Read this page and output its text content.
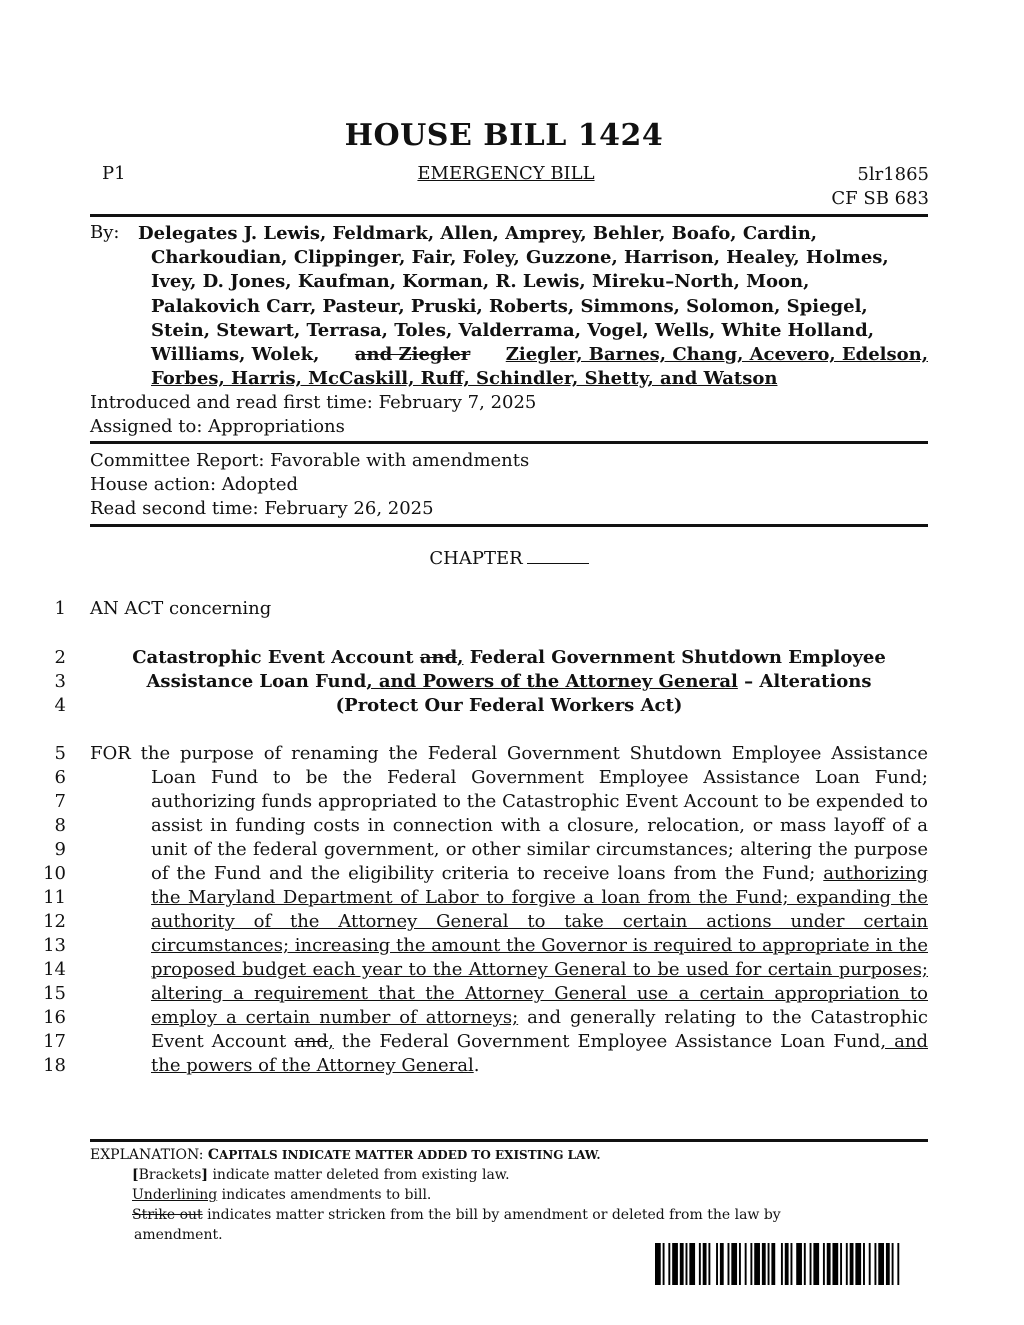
HOUSE BILL 1424
P1	EMERGENCY BILL	5lr1865
CF SB 683
By: Delegates J. Lewis, Feldmark, Allen, Amprey, Behler, Boafo, Cardin,
Charkoudian, Clippinger, Fair, Foley, Guzzone, Harrison, Healey, Holmes,
Ivey, D. Jones, Kaufman, Korman, R. Lewis, Mireku–North, Moon,
Palakovich Carr, Pasteur, Pruski, Roberts, Simmons, Solomon, Spiegel,
Stein, Stewart, Terrasa, Toles, Valderrama, Vogel, Wells, White Holland,
Williams, Wolek, and Ziegler Ziegler, Barnes, Chang, Acevero, Edelson,
Forbes, Harris, McCaskill, Ruff, Schindler, Shetty, and Watson
Introduced and read first time: February 7, 2025
Assigned to: Appropriations
Committee Report: Favorable with amendments
House action: Adopted
Read second time: February 26, 2025
CHAPTER
1
2
3
4
5
6
7
8
9
10
11
12
13
14
15
16
17
18
AN ACT concerning
Catastrophic Event Account and, Federal Government Shutdown Employee
Assistance Loan Fund, and Powers of the Attorney General – Alterations
(Protect Our Federal Workers Act)
FOR the purpose of renaming the Federal Government Shutdown Employee Assistance
Loan Fund to be the Federal Government Employee Assistance Loan Fund;
authorizing funds appropriated to the Catastrophic Event Account to be expended to
assist in funding costs in connection with a closure, relocation, or mass layoff of a
unit of the federal government, or other similar circumstances; altering the purpose
of the Fund and the eligibility criteria to receive loans from the Fund; authorizing
the Maryland Department of Labor to forgive a loan from the Fund; expanding the
authority of the Attorney General to take certain actions under certain
circumstances; increasing the amount the Governor is required to appropriate in the
proposed budget each year to the Attorney General to be used for certain purposes;
altering a requirement that the Attorney General use a certain appropriation to
employ a certain number of attorneys; and generally relating to the Catastrophic
Event Account and, the Federal Government Employee Assistance Loan Fund, and
the powers of the Attorney General.
EXPLANATION: CAPITALS INDICATE MATTER ADDED TO EXISTING LAW.
[Brackets] indicate matter deleted from existing law.
Underlining indicates amendments to bill.
Strike out indicates matter stricken from the bill by amendment or deleted from the law by
amendment.
